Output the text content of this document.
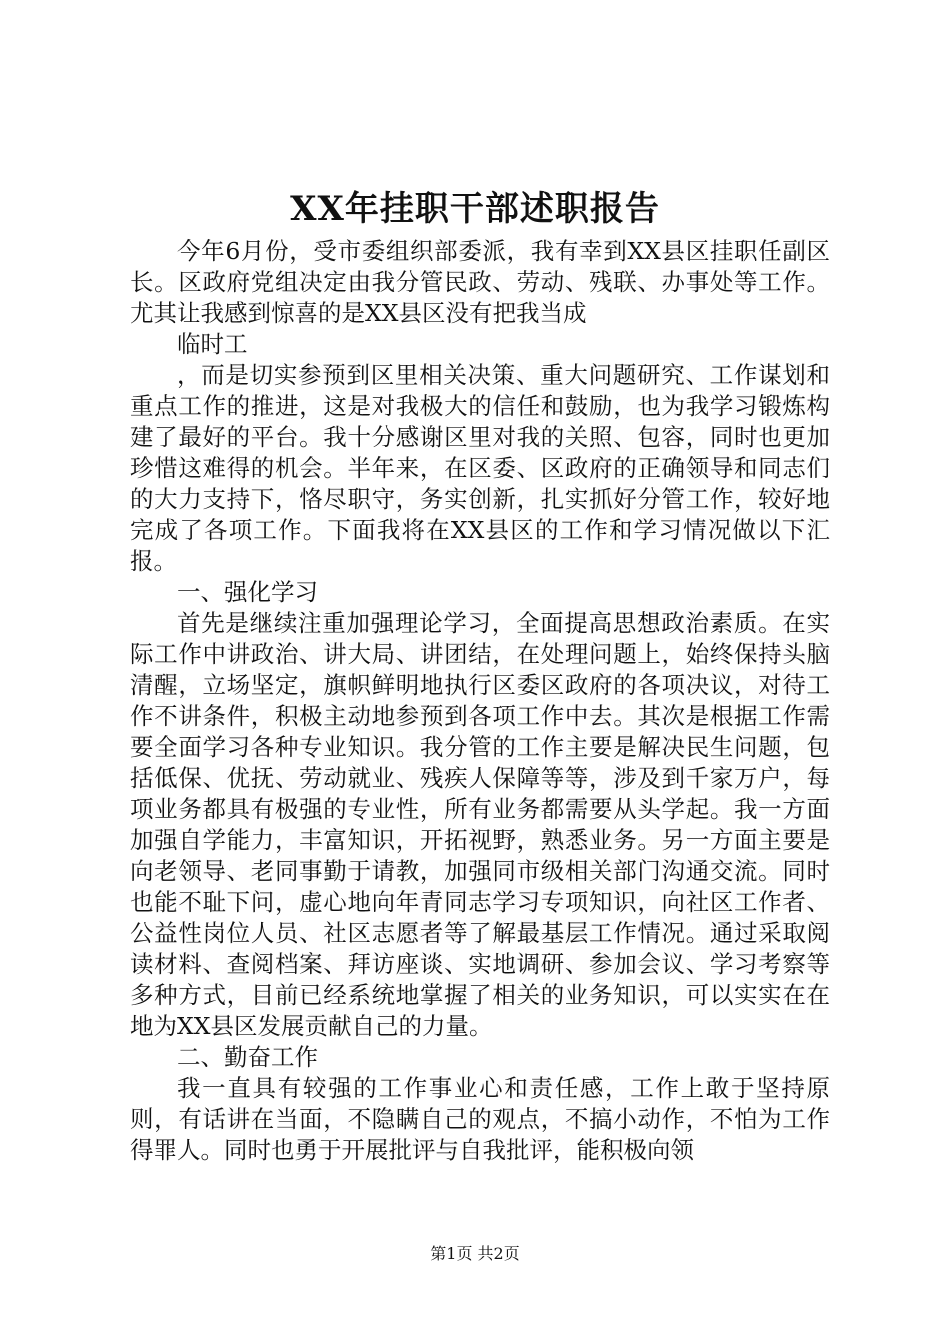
XX年挂职干部述职报告

今年6月份，受市委组织部委派，我有幸到XX县区挂职任副区长。区政府党组决定由我分管民政、劳动、残联、办事处等工作。尤其让我感到惊喜的是XX县区没有把我当成

临时工

，而是切实参预到区里相关决策、重大问题研究、工作谋划和重点工作的推进，这是对我极大的信任和鼓励，也为我学习锻炼构建了最好的平台。我十分感谢区里对我的关照、包容，同时也更加珍惜这难得的机会。半年来，在区委、区政府的正确领导和同志们的大力支持下，恪尽职守，务实创新，扎实抓好分管工作，较好地完成了各项工作。下面我将在XX县区的工作和学习情况做以下汇报。

一、强化学习

首先是继续注重加强理论学习，全面提高思想政治素质。在实际工作中讲政治、讲大局、讲团结，在处理问题上，始终保持头脑清醒，立场坚定，旗帜鲜明地执行区委区政府的各项决议，对待工作不讲条件，积极主动地参预到各项工作中去。其次是根据工作需要全面学习各种专业知识。我分管的工作主要是解决民生问题，包括低保、优抚、劳动就业、残疾人保障等等，涉及到千家万户，每项业务都具有极强的专业性，所有业务都需要从头学起。我一方面加强自学能力，丰富知识，开拓视野，熟悉业务。另一方面主要是向老领导、老同事勤于请教，加强同市级相关部门沟通交流。同时也能不耻下问，虚心地向年青同志学习专项知识，向社区工作者、公益性岗位人员、社区志愿者等了解最基层工作情况。通过采取阅读材料、查阅档案、拜访座谈、实地调研、参加会议、学习考察等多种方式，目前已经系统地掌握了相关的业务知识，可以实实在在地为XX县区发展贡献自己的力量。

二、勤奋工作

我一直具有较强的工作事业心和责任感，工作上敢于坚持原则，有话讲在当面，不隐瞒自己的观点，不搞小动作，不怕为工作得罪人。同时也勇于开展批评与自我批评，能积极向领

第1页 共2页
